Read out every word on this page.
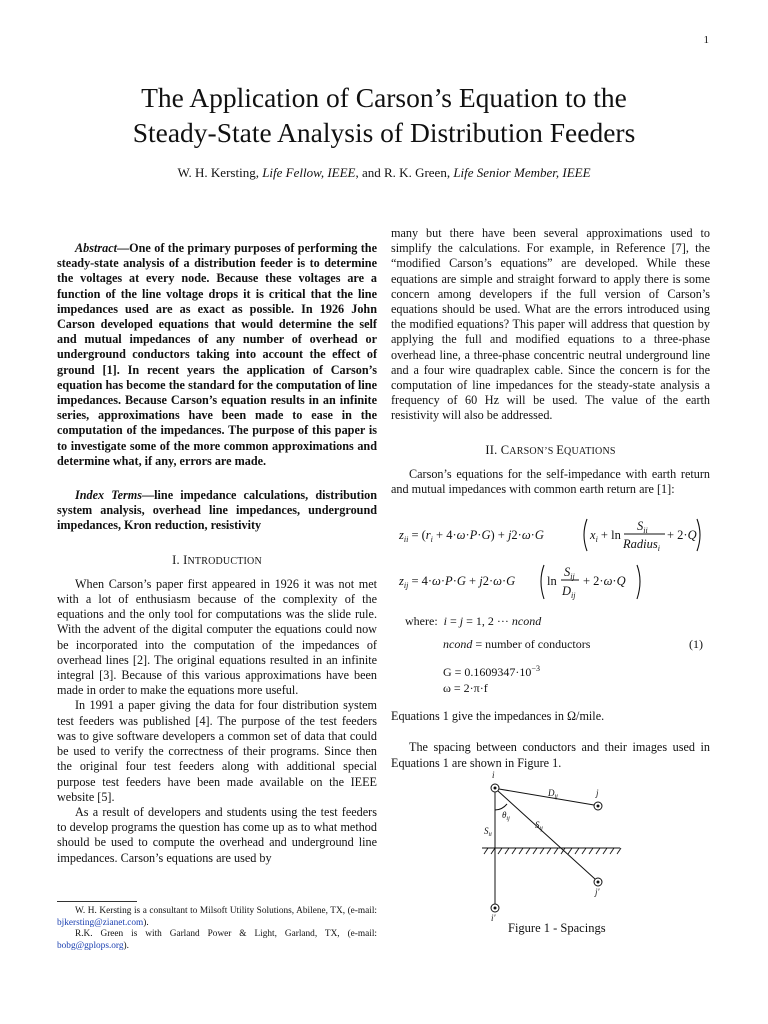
1
The Application of Carson’s Equation to the
Steady-State Analysis of Distribution Feeders
W. H. Kersting, Life Fellow, IEEE, and R. K. Green, Life Senior Member, IEEE

Abstract—One of the primary purposes of performing the steady-state analysis of a distribution feeder is to determine the voltages at every node. Because these voltages are a function of the line voltage drops it is critical that the line impedances used are as exact as possible. In 1926 John Carson developed equations that would determine the self and mutual impedances of any number of overhead or underground conductors taking into account the effect of ground [1]. In recent years the application of Carson’s equation has become the standard for the computation of line impedances. Because Carson’s equation results in an infinite series, approximations have been made to ease in the computation of the impedances. The purpose of this paper is to investigate some of the more common approximations and determine what, if any, errors are made.

Index Terms—line impedance calculations, distribution system analysis, overhead line impedances, underground impedances, Kron reduction, resistivity

I. INTRODUCTION

When Carson’s paper first appeared in 1926 it was not met with a lot of enthusiasm because of the complexity of the equations and the only tool for computations was the slide rule. With the advent of the digital computer the equations could now be incorporated into the computation of the impedances of overhead lines [2]. The original equations resulted in an infinite integral [3]. Because of this various approximations have been made in order to make the equations more useful.

In 1991 a paper giving the data for four distribution system test feeders was published [4]. The purpose of the test feeders was to give software developers a common set of data that could be used to verify the correctness of their programs. Since then the original four test feeders along with additional special purpose test feeders have been made available on the IEEE website [5].

As a result of developers and students using the test feeders to develop programs the question has come up as to what method should be used to compute the overhead and underground line impedances. Carson’s equations are used by

many but there have been several approximations used to simplify the calculations. For example, in Reference [7], the “modified Carson’s equations” are developed. While these equations are simple and straight forward to apply there is some concern among developers if the full version of Carson’s equations should be used. What are the errors introduced using the modified equations? This paper will address that question by applying the full and modified equations to a three-phase overhead line, a three-phase concentric neutral underground line and a four wire quadraplex cable. Since the concern is for the computation of line impedances for the steady-state analysis a frequency of 60 Hz will be used. The value of the earth resistivity will also be addressed.

II. CARSON’S EQUATIONS

Carson’s equations for the self-impedance with earth return and mutual impedances with common earth return are [1]:

$z_{ii} = (r_i + 4\cdot\omega\cdot P\cdot G) + j2\cdot\omega\cdot G$	$x_i + \ln$
$S_{ii}$
Radius$_i$
+ 2·Q
$z_{ij} = 4\cdot\omega\cdot P\cdot G + j2\cdot\omega\cdot G$	ln
$S_{ij}$
$D_{ij}$
+ 2·ω·Q
where: i = j = 1, 2 ··· ncond
ncond = number of conductors	(1)
$G = 0.1609347\cdot 10^{-3}$
ω = 2·π·f

Equations 1 give the impedances in Ω/mile.

The spacing between conductors and their images used in Equations 1 are shown in Figure 1.

i
j
$D_{ij}$
$S_{ij}$
$S_{ii}$
$\theta_{ij}$
i'
j'
Figure 1 - Spacings

W. H. Kersting is a consultant to Milsoft Utility Solutions, Abilene, TX, (e-mail: bjkersting@zianet.com).

R.K. Green is with Garland Power & Light, Garland, TX, (e-mail: bobg@gplops.org).
